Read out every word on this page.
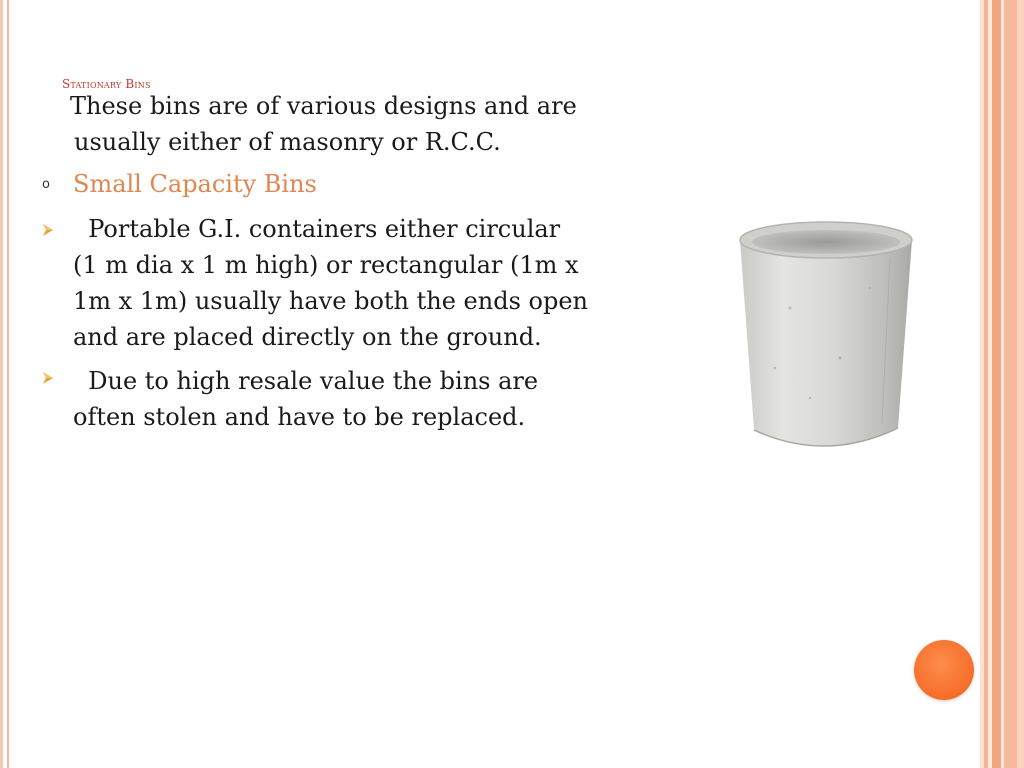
Stationary Bins
These bins are of various designs and are
usually either of masonry or R.C.C.
o Small Capacity Bins
Portable G.I. containers either circular
(1 m dia x 1 m high) or rectangular (1m x
1m x 1m) usually have both the ends open
and are placed directly on the ground.
Due to high resale value the bins are
often stolen and have to be replaced.
